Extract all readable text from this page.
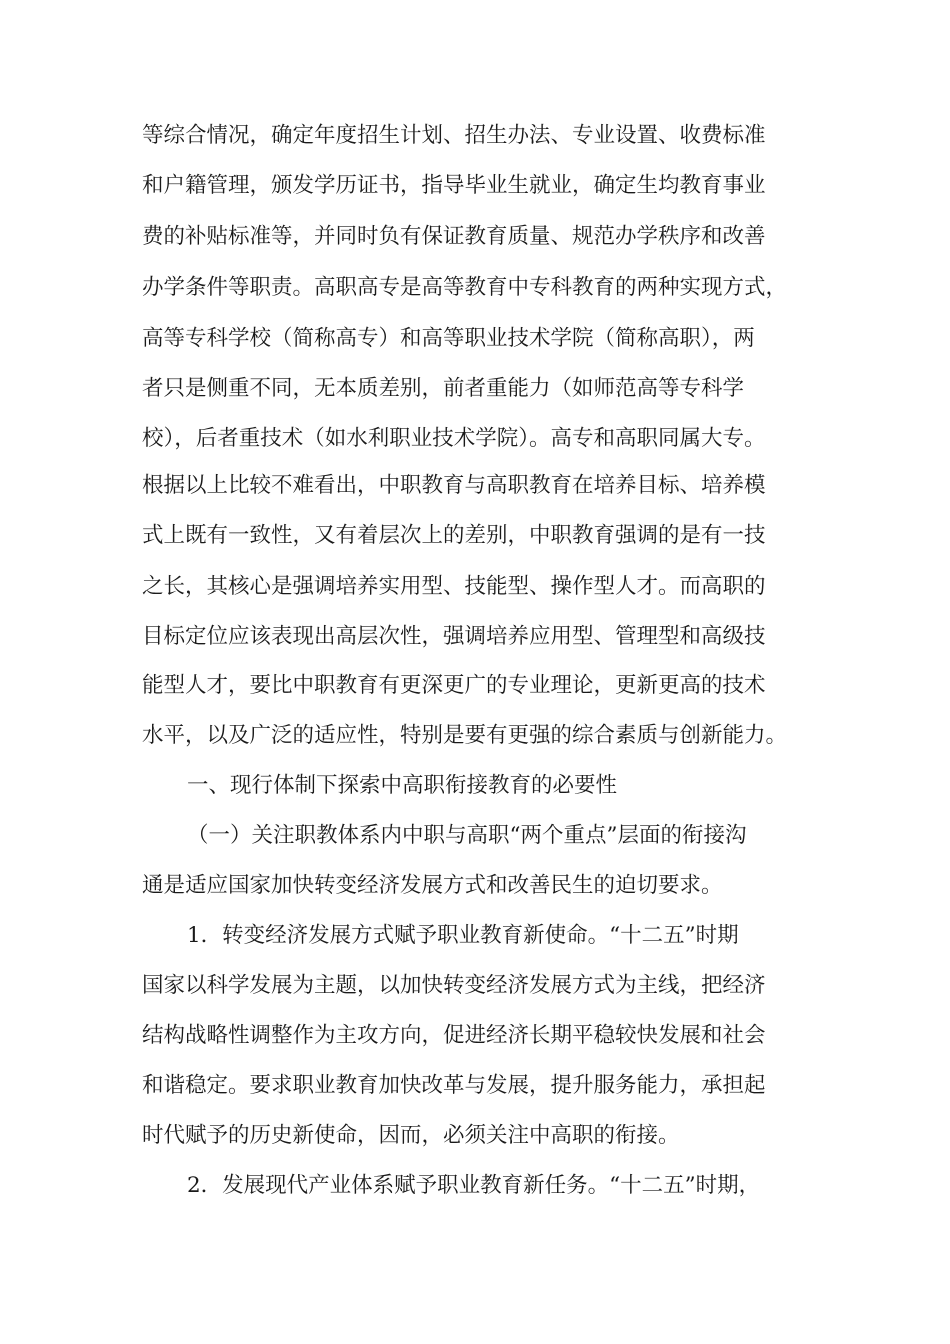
等综合情况，确定年度招生计划、招生办法、专业设置、收费标准
和户籍管理，颁发学历证书，指导毕业生就业，确定生均教育事业
费的补贴标准等，并同时负有保证教育质量、规范办学秩序和改善
办学条件等职责。高职高专是高等教育中专科教育的两种实现方式，
高等专科学校（简称高专）和高等职业技术学院（简称高职），两
者只是侧重不同，无本质差别，前者重能力（如师范高等专科学
校），后者重技术（如水利职业技术学院）。高专和高职同属大专。
根据以上比较不难看出，中职教育与高职教育在培养目标、培养模
式上既有一致性，又有着层次上的差别，中职教育强调的是有一技
之长，其核心是强调培养实用型、技能型、操作型人才。而高职的
目标定位应该表现出高层次性，强调培养应用型、管理型和高级技
能型人才，要比中职教育有更深更广的专业理论，更新更高的技术
水平，以及广泛的适应性，特别是要有更强的综合素质与创新能力。
一、现行体制下探索中高职衔接教育的必要性
（一）关注职教体系内中职与高职“两个重点”层面的衔接沟
通是适应国家加快转变经济发展方式和改善民生的迫切要求。
1．转变经济发展方式赋予职业教育新使命。“十二五”时期
国家以科学发展为主题，以加快转变经济发展方式为主线，把经济
结构战略性调整作为主攻方向，促进经济长期平稳较快发展和社会
和谐稳定。要求职业教育加快改革与发展，提升服务能力，承担起
时代赋予的历史新使命，因而，必须关注中高职的衔接。
2．发展现代产业体系赋予职业教育新任务。“十二五”时期，
